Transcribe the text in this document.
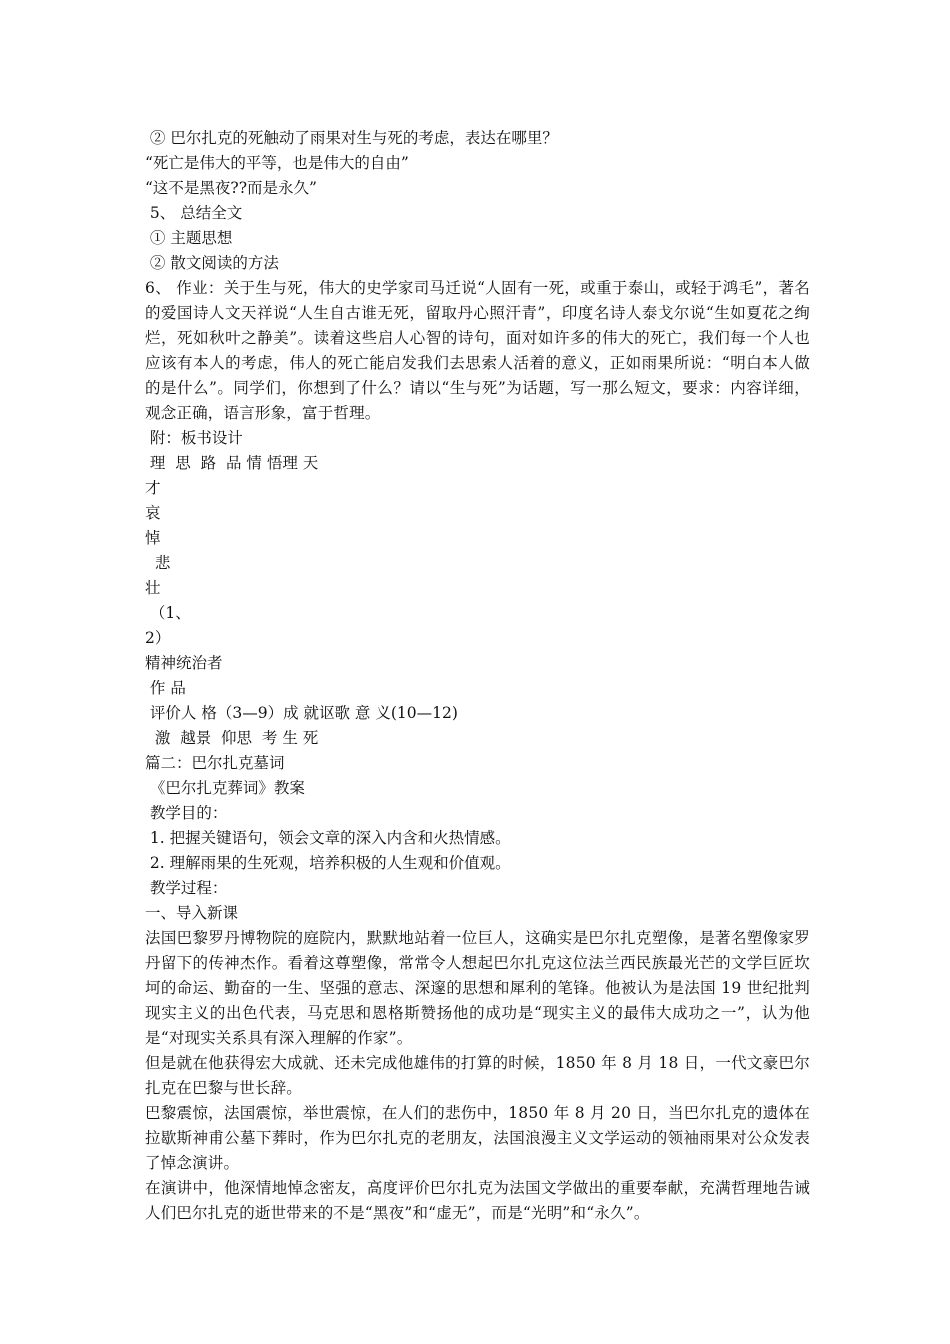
② 巴尔扎克的死触动了雨果对生与死的考虑，表达在哪里？
“死亡是伟大的平等，也是伟大的自由”
“这不是黑夜??而是永久”
5、 总结全文
① 主题思想
② 散文阅读的方法
6、 作业：关于生与死，伟大的史学家司马迁说“人固有一死，或重于泰山，或轻于鸿毛”，著名的爱国诗人文天祥说“人生自古谁无死，留取丹心照汗青”，印度名诗人泰戈尔说“生如夏花之绚烂，死如秋叶之静美”。读着这些启人心智的诗句，面对如许多的伟大的死亡，我们每一个人也应该有本人的考虑，伟人的死亡能启发我们去思索人活着的意义，正如雨果所说：“明白本人做的是什么”。同学们，你想到了什么？请以“生与死”为话题，写一那么短文，要求：内容详细，观念正确，语言形象，富于哲理。
附：板书设计
理  思  路  品 情 悟理 天
才
哀
悼
悲
壮
（1、
2）
精神统治者
作 品
评价人 格（3—9）成 就讴歌 意 义(10—12)
激  越景  仰思  考 生 死
篇二：巴尔扎克墓词
《巴尔扎克葬词》教案
教学目的：
1. 把握关键语句，领会文章的深入内含和火热情感。
2. 理解雨果的生死观，培养积极的人生观和价值观。
教学过程：
一、导入新课
法国巴黎罗丹博物院的庭院内，默默地站着一位巨人，这确实是巴尔扎克塑像，是著名塑像家罗丹留下的传神杰作。看着这尊塑像，常常令人想起巴尔扎克这位法兰西民族最光芒的文学巨匠坎坷的命运、勤奋的一生、坚强的意志、深邃的思想和犀利的笔锋。他被认为是法国 19 世纪批判现实主义的出色代表，马克思和恩格斯赞扬他的成功是“现实主义的最伟大成功之一”，认为他是“对现实关系具有深入理解的作家”。
但是就在他获得宏大成就、还未完成他雄伟的打算的时候，1850 年 8 月 18 日，一代文豪巴尔扎克在巴黎与世长辞。
巴黎震惊，法国震惊，举世震惊，在人们的悲伤中，1850 年 8 月 20 日，当巴尔扎克的遗体在拉歇斯神甫公墓下葬时，作为巴尔扎克的老朋友，法国浪漫主义文学运动的领袖雨果对公众发表了悼念演讲。
在演讲中，他深情地悼念密友，高度评价巴尔扎克为法国文学做出的重要奉献，充满哲理地告诫人们巴尔扎克的逝世带来的不是“黑夜”和“虚无”，而是“光明”和“永久”。
